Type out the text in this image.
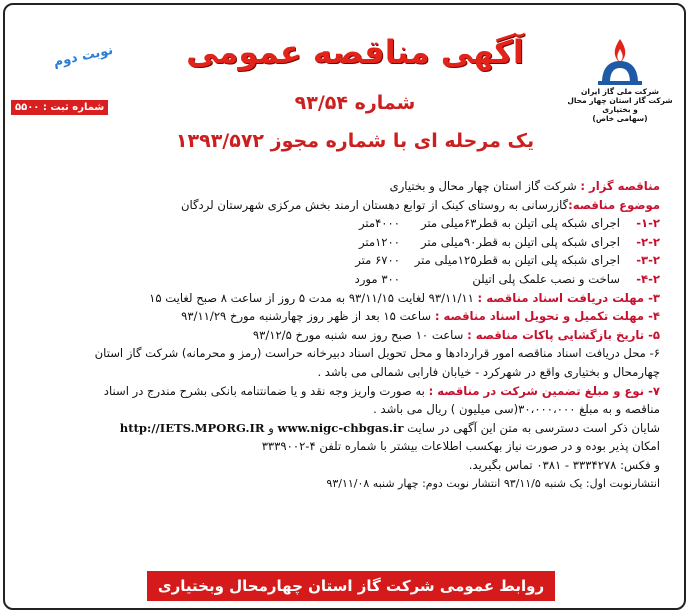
شرکت ملی گاز ایران
شرکت گاز استان چهار محال و بختیاری
(سهامی خاص)
نوبت دوم
شماره ثبت : ۵۵۰۰
آگهی مناقصه عمومی
شماره ۹۳/۵۴
یک مرحله ای با شماره مجوز ۱۳۹۳/۵۷۲
مناقصه گزار : شرکت گاز استان چهار محال و بختیاری
موضوع مناقصه:گازرسانی به روستای کینک از توابع دهستان ارمند بخش مرکزی شهرستان لردگان
۱-۲-
اجرای شبکه پلی اتیلن به قطر۶۳میلی متر
۴۰۰۰متر
۲-۲-
اجرای شبکه پلی اتیلن به قطر۹۰میلی متر
۱۲۰۰متر
۳-۲-
اجرای شبکه پلی اتیلن به قطر۱۲۵میلی متر
۶۷۰۰ متر
۴-۲-
ساخت و نصب علمک پلی اتیلن
۳۰۰ مورد
۳- مهلت دریافت اسناد مناقصه : ۹۳/۱۱/۱۱ لغایت ۹۳/۱۱/۱۵ به مدت ۵ روز از ساعت ۸ صبح لغایت ۱۵
۴- مهلت تکمیل و تحویل اسناد مناقصه : ساعت ۱۵ بعد از ظهر روز چهارشنبه مورخ ۹۳/۱۱/۲۹
۵- تاریخ بازگشایی پاکات مناقصه : ساعت ۱۰ صبح روز سه شنبه مورخ ۹۳/۱۲/۵
۶- محل دریافت اسناد مناقصه امور قراردادها و محل تحویل اسناد دبیرخانه حراست (رمز و محرمانه) شرکت گاز استان
چهارمحال و بختیاری واقع در شهرکرد - خیابان فارابی شمالی می باشد .
۷- نوع و مبلغ تضمین شرکت در مناقصه : به صورت واریز وجه نقد و یا ضمانتنامه بانکی بشرح مندرج در اسناد
مناقصه و به مبلغ ۳۰،۰۰۰،۰۰۰(سی میلیون ) ریال می باشد .
شایان ذکر است دسترسی به متن این آگهی در سایت www.nigc-chbgas.ir و http://IETS.MPORG.IR
امکان پذیر بوده و در صورت نیاز بهکسب اطلاعات بیشتر با شماره تلفن ۴-۳۳۳۹۰۰۲
و فکس: ۳۳۳۴۲۷۸ - ۰۳۸۱ تماس بگیرید.
انتشارنوبت اول: یک شنبه ۹۳/۱۱/۵ انتشار نوبت دوم: چهار شنبه ۹۳/۱۱/۰۸
روابط عمومی شرکت گاز استان چهارمحال وبختیاری
